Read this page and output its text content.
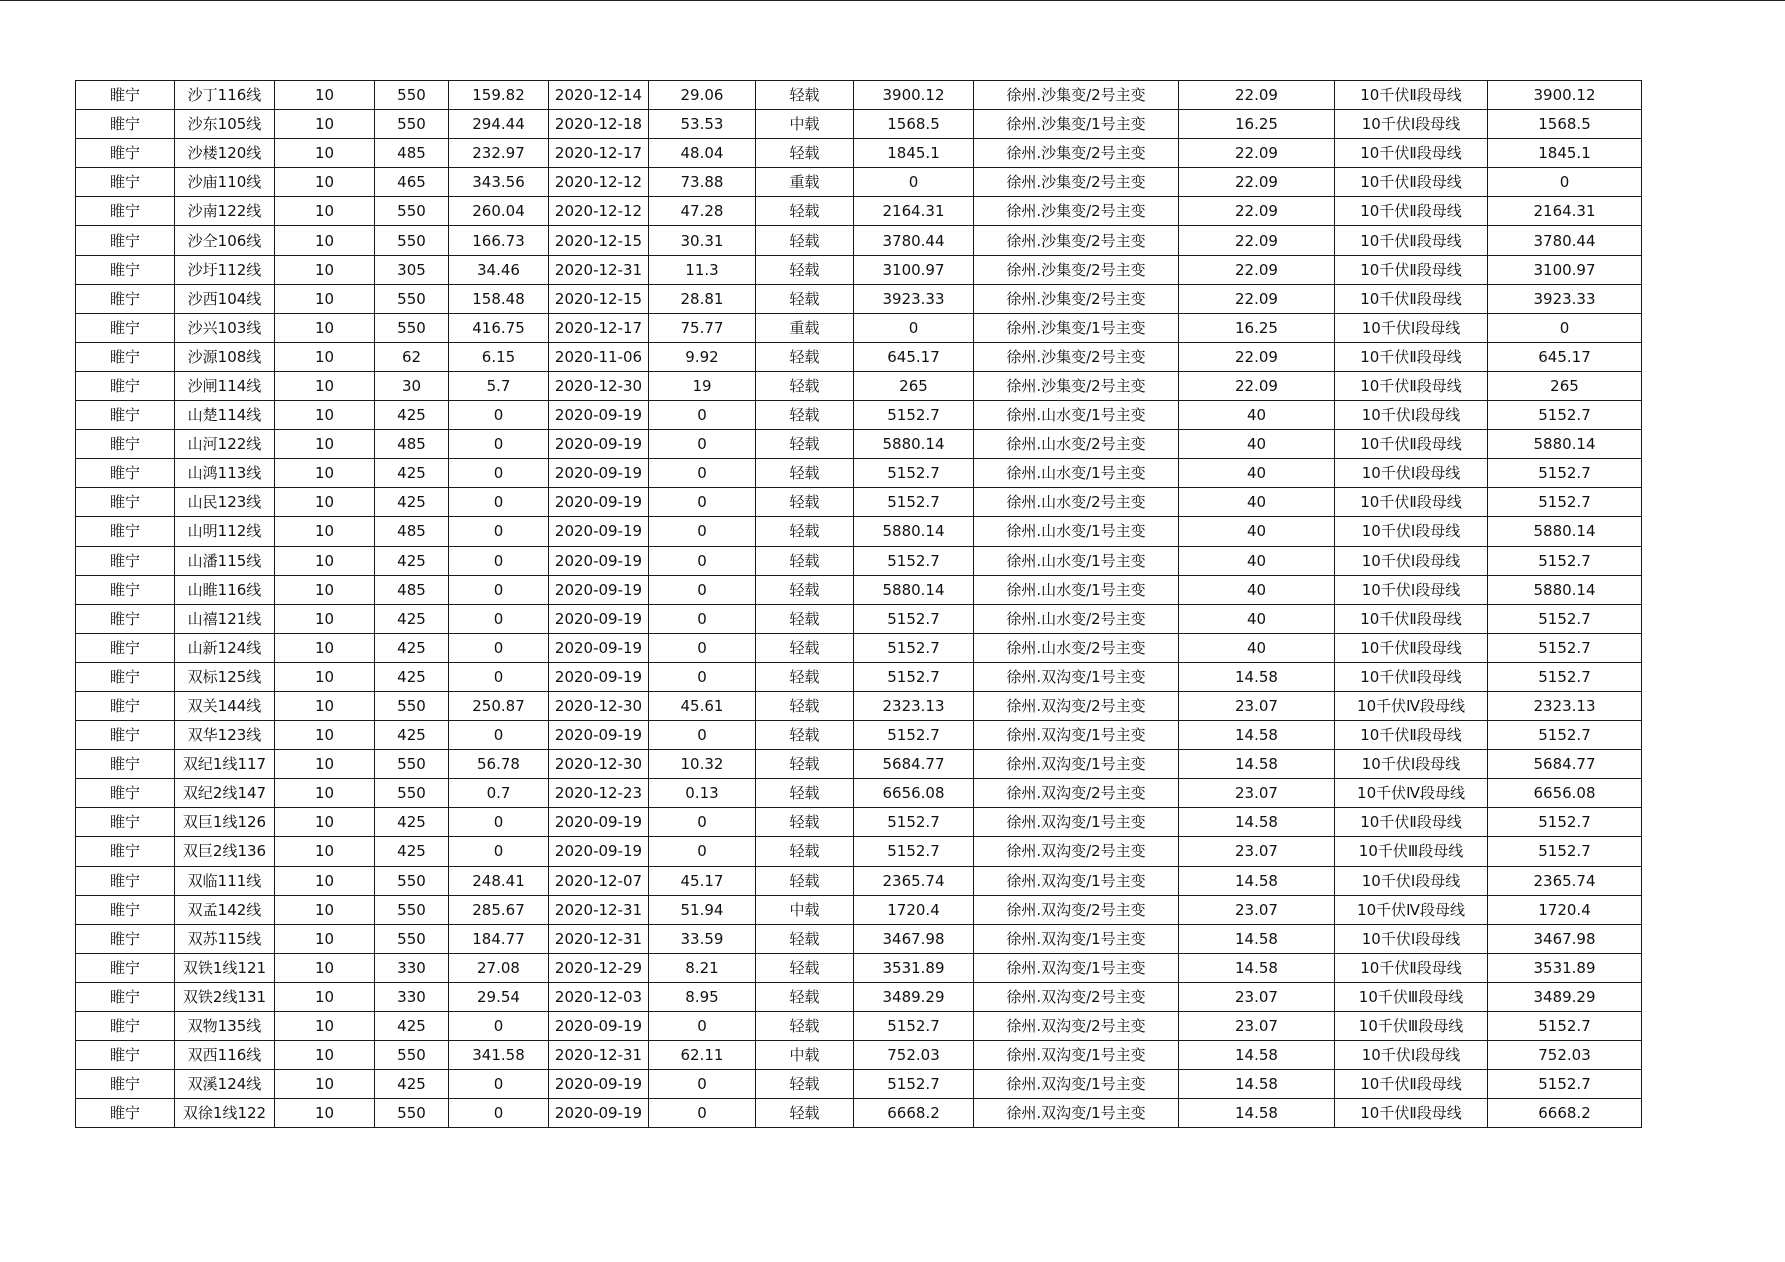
睢宁	沙丁116线	10	550	159.82	2020-12-14	29.06	轻载	3900.12	徐州.沙集变/2号主变	22.09	10千伏Ⅱ段母线	3900.12
睢宁	沙东105线	10	550	294.44	2020-12-18	53.53	中载	1568.5	徐州.沙集变/1号主变	16.25	10千伏Ⅰ段母线	1568.5
睢宁	沙楼120线	10	485	232.97	2020-12-17	48.04	轻载	1845.1	徐州.沙集变/2号主变	22.09	10千伏Ⅱ段母线	1845.1
睢宁	沙庙110线	10	465	343.56	2020-12-12	73.88	重载	0	徐州.沙集变/2号主变	22.09	10千伏Ⅱ段母线	0
睢宁	沙南122线	10	550	260.04	2020-12-12	47.28	轻载	2164.31	徐州.沙集变/2号主变	22.09	10千伏Ⅱ段母线	2164.31
睢宁	沙仝106线	10	550	166.73	2020-12-15	30.31	轻载	3780.44	徐州.沙集变/2号主变	22.09	10千伏Ⅱ段母线	3780.44
睢宁	沙圩112线	10	305	34.46	2020-12-31	11.3	轻载	3100.97	徐州.沙集变/2号主变	22.09	10千伏Ⅱ段母线	3100.97
睢宁	沙西104线	10	550	158.48	2020-12-15	28.81	轻载	3923.33	徐州.沙集变/2号主变	22.09	10千伏Ⅱ段母线	3923.33
睢宁	沙兴103线	10	550	416.75	2020-12-17	75.77	重载	0	徐州.沙集变/1号主变	16.25	10千伏Ⅰ段母线	0
睢宁	沙源108线	10	62	6.15	2020-11-06	9.92	轻载	645.17	徐州.沙集变/2号主变	22.09	10千伏Ⅱ段母线	645.17
睢宁	沙闸114线	10	30	5.7	2020-12-30	19	轻载	265	徐州.沙集变/2号主变	22.09	10千伏Ⅱ段母线	265
睢宁	山楚114线	10	425	0	2020-09-19	0	轻载	5152.7	徐州.山水变/1号主变	40	10千伏Ⅰ段母线	5152.7
睢宁	山河122线	10	485	0	2020-09-19	0	轻载	5880.14	徐州.山水变/2号主变	40	10千伏Ⅱ段母线	5880.14
睢宁	山鸿113线	10	425	0	2020-09-19	0	轻载	5152.7	徐州.山水变/1号主变	40	10千伏Ⅰ段母线	5152.7
睢宁	山民123线	10	425	0	2020-09-19	0	轻载	5152.7	徐州.山水变/2号主变	40	10千伏Ⅱ段母线	5152.7
睢宁	山明112线	10	485	0	2020-09-19	0	轻载	5880.14	徐州.山水变/1号主变	40	10千伏Ⅰ段母线	5880.14
睢宁	山潘115线	10	425	0	2020-09-19	0	轻载	5152.7	徐州.山水变/1号主变	40	10千伏Ⅰ段母线	5152.7
睢宁	山睢116线	10	485	0	2020-09-19	0	轻载	5880.14	徐州.山水变/1号主变	40	10千伏Ⅰ段母线	5880.14
睢宁	山禧121线	10	425	0	2020-09-19	0	轻载	5152.7	徐州.山水变/2号主变	40	10千伏Ⅱ段母线	5152.7
睢宁	山新124线	10	425	0	2020-09-19	0	轻载	5152.7	徐州.山水变/2号主变	40	10千伏Ⅱ段母线	5152.7
睢宁	双标125线	10	425	0	2020-09-19	0	轻载	5152.7	徐州.双沟变/1号主变	14.58	10千伏Ⅱ段母线	5152.7
睢宁	双关144线	10	550	250.87	2020-12-30	45.61	轻载	2323.13	徐州.双沟变/2号主变	23.07	10千伏Ⅳ段母线	2323.13
睢宁	双华123线	10	425	0	2020-09-19	0	轻载	5152.7	徐州.双沟变/1号主变	14.58	10千伏Ⅱ段母线	5152.7
睢宁	双纪1线117	10	550	56.78	2020-12-30	10.32	轻载	5684.77	徐州.双沟变/1号主变	14.58	10千伏Ⅰ段母线	5684.77
睢宁	双纪2线147	10	550	0.7	2020-12-23	0.13	轻载	6656.08	徐州.双沟变/2号主变	23.07	10千伏Ⅳ段母线	6656.08
睢宁	双巨1线126	10	425	0	2020-09-19	0	轻载	5152.7	徐州.双沟变/1号主变	14.58	10千伏Ⅱ段母线	5152.7
睢宁	双巨2线136	10	425	0	2020-09-19	0	轻载	5152.7	徐州.双沟变/2号主变	23.07	10千伏Ⅲ段母线	5152.7
睢宁	双临111线	10	550	248.41	2020-12-07	45.17	轻载	2365.74	徐州.双沟变/1号主变	14.58	10千伏Ⅰ段母线	2365.74
睢宁	双孟142线	10	550	285.67	2020-12-31	51.94	中载	1720.4	徐州.双沟变/2号主变	23.07	10千伏Ⅳ段母线	1720.4
睢宁	双苏115线	10	550	184.77	2020-12-31	33.59	轻载	3467.98	徐州.双沟变/1号主变	14.58	10千伏Ⅰ段母线	3467.98
睢宁	双铁1线121	10	330	27.08	2020-12-29	8.21	轻载	3531.89	徐州.双沟变/1号主变	14.58	10千伏Ⅱ段母线	3531.89
睢宁	双铁2线131	10	330	29.54	2020-12-03	8.95	轻载	3489.29	徐州.双沟变/2号主变	23.07	10千伏Ⅲ段母线	3489.29
睢宁	双物135线	10	425	0	2020-09-19	0	轻载	5152.7	徐州.双沟变/2号主变	23.07	10千伏Ⅲ段母线	5152.7
睢宁	双西116线	10	550	341.58	2020-12-31	62.11	中载	752.03	徐州.双沟变/1号主变	14.58	10千伏Ⅰ段母线	752.03
睢宁	双溪124线	10	425	0	2020-09-19	0	轻载	5152.7	徐州.双沟变/1号主变	14.58	10千伏Ⅱ段母线	5152.7
睢宁	双徐1线122	10	550	0	2020-09-19	0	轻载	6668.2	徐州.双沟变/1号主变	14.58	10千伏Ⅱ段母线	6668.2
